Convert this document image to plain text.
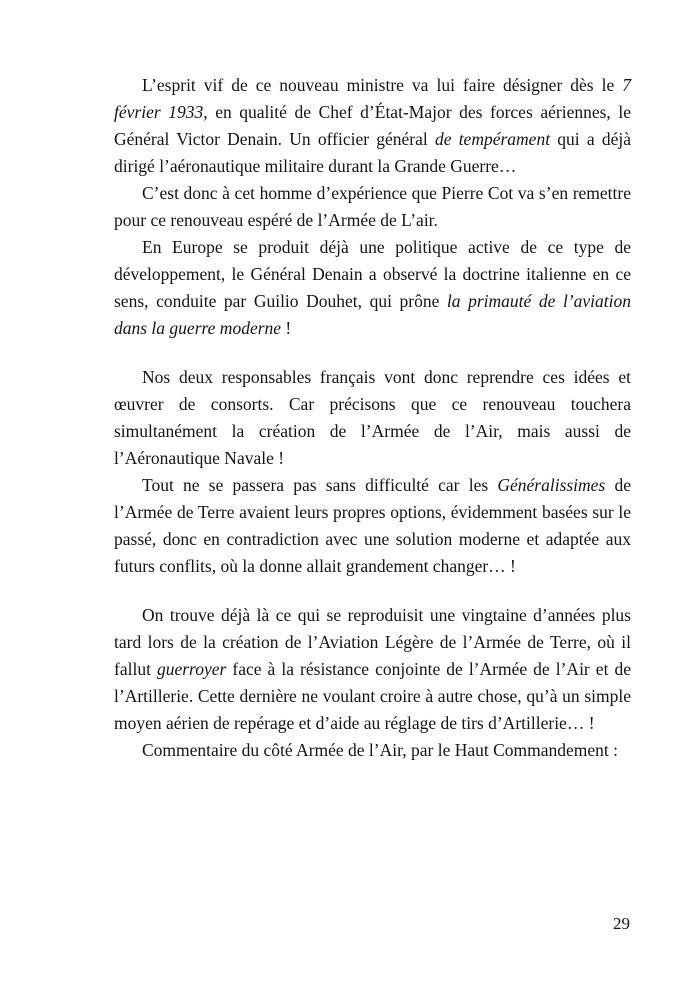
L’esprit vif de ce nouveau ministre va lui faire désigner dès le 7 février 1933, en qualité de Chef d’État-Major des forces aériennes, le Général Victor Denain. Un officier général de tempérament qui a déjà dirigé l’aéronautique militaire durant la Grande Guerre…

C’est donc à cet homme d’expérience que Pierre Cot va s’en remettre pour ce renouveau espéré de l’Armée de L’air.

En Europe se produit déjà une politique active de ce type de développement, le Général Denain a observé la doctrine italienne en ce sens, conduite par Guilio Douhet, qui prône la primauté de l’aviation dans la guerre moderne !

Nos deux responsables français vont donc reprendre ces idées et œuvrer de consorts. Car précisons que ce renouveau touchera simultanément la création de l’Armée de l’Air, mais aussi de l’Aéronautique Navale !

Tout ne se passera pas sans difficulté car les Généralissimes de l’Armée de Terre avaient leurs propres options, évidemment basées sur le passé, donc en contradiction avec une solution moderne et adaptée aux futurs conflits, où la donne allait grandement changer… !

On trouve déjà là ce qui se reproduisit une vingtaine d’années plus tard lors de la création de l’Aviation Légère de l’Armée de Terre, où il fallut guerroyer face à la résistance conjointe de l’Armée de l’Air et de l’Artillerie. Cette dernière ne voulant croire à autre chose, qu’à un simple moyen aérien de repérage et d’aide au réglage de tirs d’Artillerie… !

Commentaire du côté Armée de l’Air, par le Haut Commandement :

29
